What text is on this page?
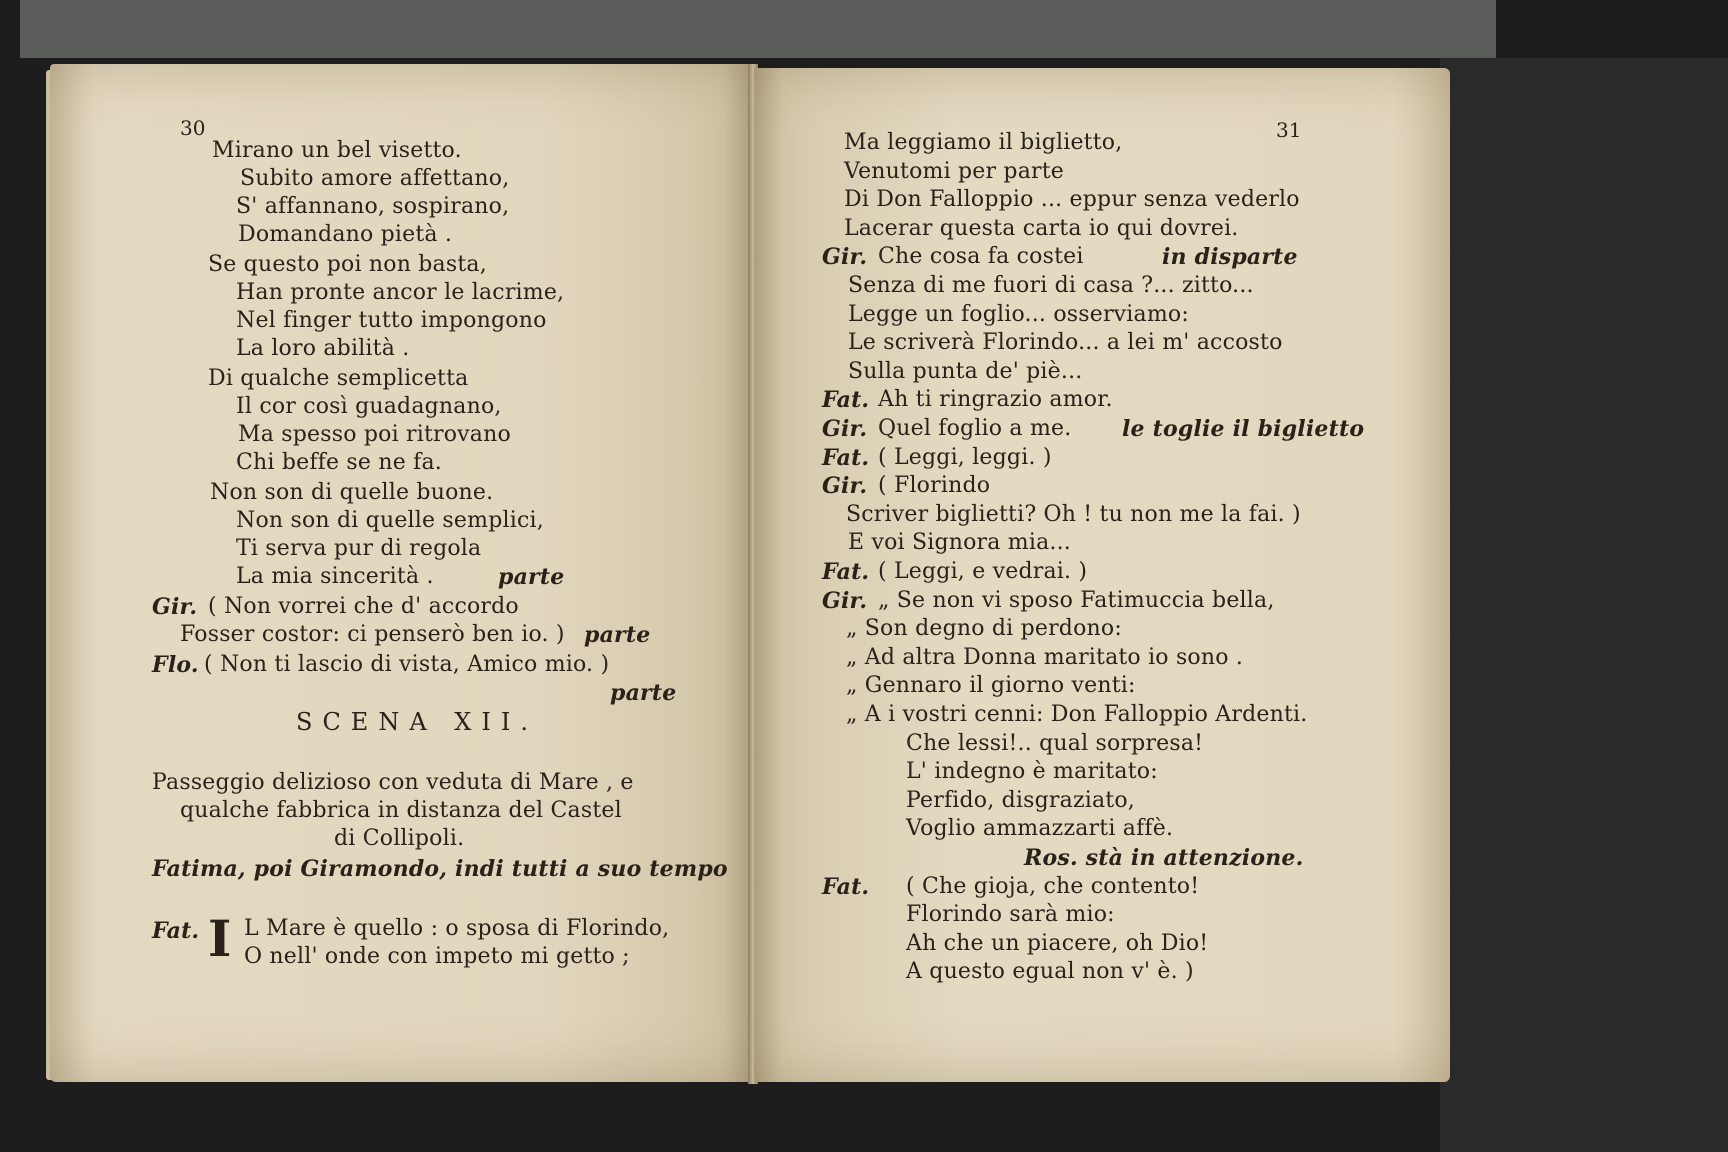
30
Mirano un bel visetto.
Subito amore affettano,
S' affannano, sospirano,
Domandano pietà .
Se questo poi non basta,
Han pronte ancor le lacrime,
Nel finger tutto impongono
La loro abilità .
Di qualche semplicetta
Il cor così guadagnano,
Ma spesso poi ritrovano
Chi beffe se ne fa.
Non son di quelle buone.
Non son di quelle semplici,
Ti serva pur di regola
La mia sincerità .	parte
Gir. ( Non vorrei che d' accordo
Fosser costor: ci penserò ben io. ) parte
Flo. ( Non ti lascio di vista, Amico mio. )
parte
SCENA XII.
Passeggio delizioso con veduta di Mare , e
qualche fabbrica in distanza del Castel
di Collipoli.
Fatima, poi Giramondo, indi tutti a suo tempo
Fat. I L Mare è quello : o sposa di Florindo,
O nell' onde con impeto mi getto ;
31
Ma leggiamo il biglietto,
Venutomi per parte
Di Don Falloppio ... eppur senza vederlo
Lacerar questa carta io qui dovrei.
Gir. Che cosa fa costei	in disparte
Senza di me fuori di casa ?... zitto...
Legge un foglio... osserviamo:
Le scriverà Florindo... a lei m' accosto
Sulla punta de' piè...
Fat. Ah ti ringrazio amor.
Gir. Quel foglio a me. le toglie il biglietto
Fat. ( Leggi, leggi. )
Gir. ( Florindo
Scriver biglietti? Oh ! tu non me la fai. )
E voi Signora mia...
Fat. ( Leggi, e vedrai. )
Gir. „ Se non vi sposo Fatimuccia bella,
„ Son degno di perdono:
„ Ad altra Donna maritato io sono .
„ Gennaro il giorno venti:
„ A i vostri cenni: Don Falloppio Ardenti.
Che lessi!.. qual sorpresa!
L' indegno è maritato:
Perfido, disgraziato,
Voglio ammazzarti affè.
Ros. stà in attenzione.
Fat. ( Che gioja, che contento!
Florindo sarà mio:
Ah che un piacere, oh Dio!
A questo egual non v' è. )
